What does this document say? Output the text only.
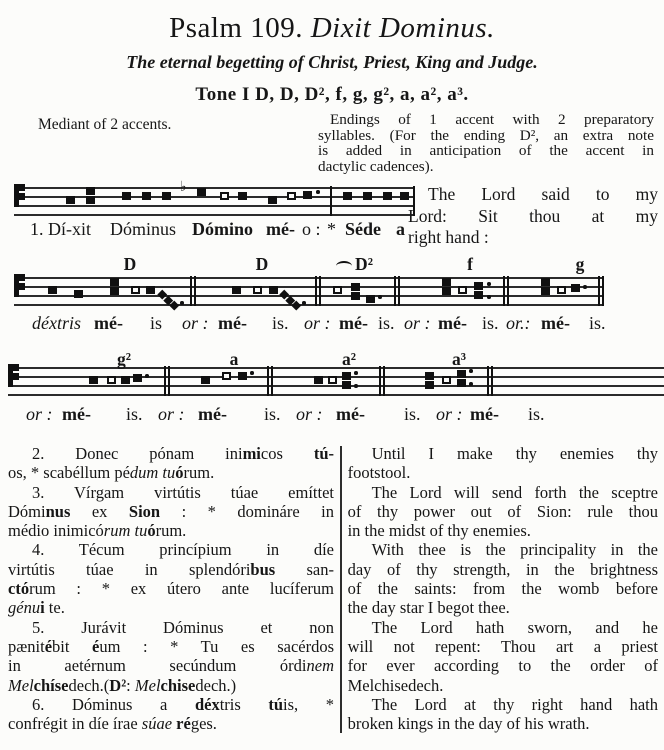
Psalm 109. Dixit Dominus.
The eternal begetting of Christ, Priest, King and Judge.
Tone I D, D, D², f, g, g², a, a², a³.
Mediant of 2 accents.	Endings of 1 accent with 2 preparatory
syllables. (For the ending D², an extra note
is added in anticipation of the accent in
dactylic cadences).
♭
1. Dí-xit Dóminus Dómino mé- o : * Séde a
The Lord said to my
Lord: Sit thou at my
right hand :
D	D	D²	f	g
déxtris mé- is or : mé- is. or : mé- is. or : mé- is. or.: mé- is.
g²	a	a²	a³
or : mé- is. or : mé- is. or : mé- is. or : mé- is.
2. Donec pónam inimicos tú-
os, * scabéllum pédum tuórum.
3. Vírgam virtútis túae emíttet
Dóminus ex Sion : * domináre in
médio inimicórum tuórum.
4. Técum princípium in díe
virtútis túae in splendóribus san-
ctórum : * ex útero ante lucíferum
génui te.
5. Jurávit Dóminus et non
pænitébit éum : * Tu es sacérdos
in aetérnum secúndum órdinem
Melchísedech.(D²: Melchisedech.)
6. Dóminus a déxtris túis, *
confrégit in díe írae súae réges.
Until I make thy enemies thy
footstool.
The Lord will send forth the sceptre
of thy power out of Sion: rule thou
in the midst of thy enemies.
With thee is the principality in the
day of thy strength, in the brightness
of the saints: from the womb before
the day star I begot thee.
The Lord hath sworn, and he
will not repent: Thou art a priest
for ever according to the order of
Melchisedech.
The Lord at thy right hand hath
broken kings in the day of his wrath.
